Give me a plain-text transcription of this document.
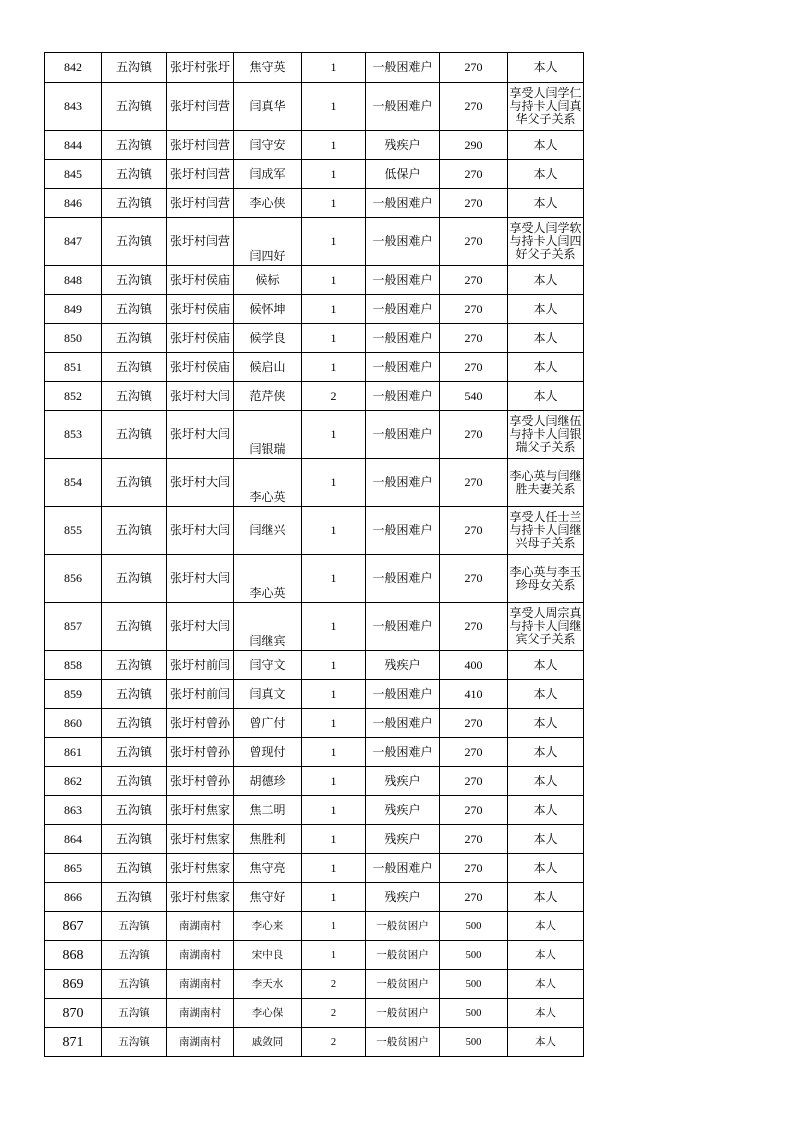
842	五沟镇	张圩村张圩	焦守英	1	一般困难户	270	本人
843	五沟镇	张圩村闫营	闫真华	1	一般困难户	270	享受人闫学仁与持卡人闫真华父子关系
844	五沟镇	张圩村闫营	闫守安	1	残疾户	290	本人
845	五沟镇	张圩村闫营	闫成军	1	低保户	270	本人
846	五沟镇	张圩村闫营	李心侠	1	一般困难户	270	本人
847	五沟镇	张圩村闫营	闫四好	1	一般困难户	270	享受人闫学软与持卡人闫四好父子关系
848	五沟镇	张圩村侯庙	候标	1	一般困难户	270	本人
849	五沟镇	张圩村侯庙	候怀坤	1	一般困难户	270	本人
850	五沟镇	张圩村侯庙	候学良	1	一般困难户	270	本人
851	五沟镇	张圩村侯庙	候启山	1	一般困难户	270	本人
852	五沟镇	张圩村大闫	范芹侠	2	一般困难户	540	本人
853	五沟镇	张圩村大闫	闫银瑞	1	一般困难户	270	享受人闫继伍与持卡人闫银瑞父子关系
854	五沟镇	张圩村大闫	李心英	1	一般困难户	270	李心英与闫继胜夫妻关系
855	五沟镇	张圩村大闫	闫继兴	1	一般困难户	270	享受人任士兰与持卡人闫继兴母子关系
856	五沟镇	张圩村大闫	李心英	1	一般困难户	270	李心英与李玉珍母女关系
857	五沟镇	张圩村大闫	闫继宾	1	一般困难户	270	享受人周宗真与持卡人闫继宾父子关系
858	五沟镇	张圩村前闫	闫守文	1	残疾户	400	本人
859	五沟镇	张圩村前闫	闫真文	1	一般困难户	410	本人
860	五沟镇	张圩村曾孙	曾广付	1	一般困难户	270	本人
861	五沟镇	张圩村曾孙	曾现付	1	一般困难户	270	本人
862	五沟镇	张圩村曾孙	胡德珍	1	残疾户	270	本人
863	五沟镇	张圩村焦家	焦二明	1	残疾户	270	本人
864	五沟镇	张圩村焦家	焦胜利	1	残疾户	270	本人
865	五沟镇	张圩村焦家	焦守亮	1	一般困难户	270	本人
866	五沟镇	张圩村焦家	焦守好	1	残疾户	270	本人
867	五沟镇	南湖南村	李心来	1	一般贫困户	500	本人
868	五沟镇	南湖南村	宋中良	1	一般贫困户	500	本人
869	五沟镇	南湖南村	李天水	2	一般贫困户	500	本人
870	五沟镇	南湖南村	李心保	2	一般贫困户	500	本人
871	五沟镇	南湖南村	戚敛同	2	一般贫困户	500	本人
